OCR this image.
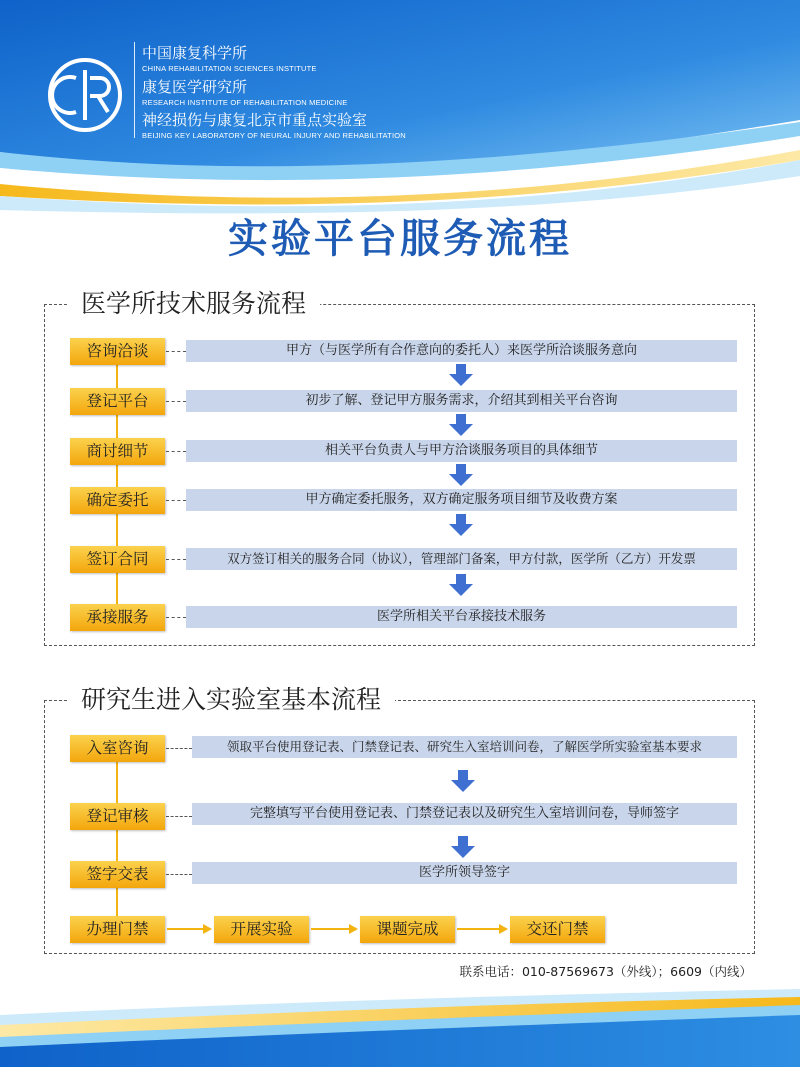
中国康复科学所
CHINA REHABILITATION SCIENCES INSTITUTE
康复医学研究所
RESEARCH INSTITUTE OF REHABILITATION MEDICINE
神经损伤与康复北京市重点实验室
BEIJING KEY LABORATORY OF NEURAL INJURY AND REHABILITATION
实验平台服务流程
医学所技术服务流程
咨询洽谈	甲方（与医学所有合作意向的委托人）来医学所洽谈服务意向
登记平台	初步了解、登记甲方服务需求，介绍其到相关平台咨询
商讨细节	相关平台负责人与甲方洽谈服务项目的具体细节
确定委托	甲方确定委托服务，双方确定服务项目细节及收费方案
签订合同	双方签订相关的服务合同（协议），管理部门备案，甲方付款，医学所（乙方）开发票
承接服务	医学所相关平台承接技术服务
研究生进入实验室基本流程
入室咨询	领取平台使用登记表、门禁登记表、研究生入室培训问卷，了解医学所实验室基本要求
登记审核	完整填写平台使用登记表、门禁登记表以及研究生入室培训问卷，导师签字
签字交表	医学所领导签字
办理门禁	开展实验	课题完成	交还门禁
联系电话：010-87569673（外线）；6609（内线）
